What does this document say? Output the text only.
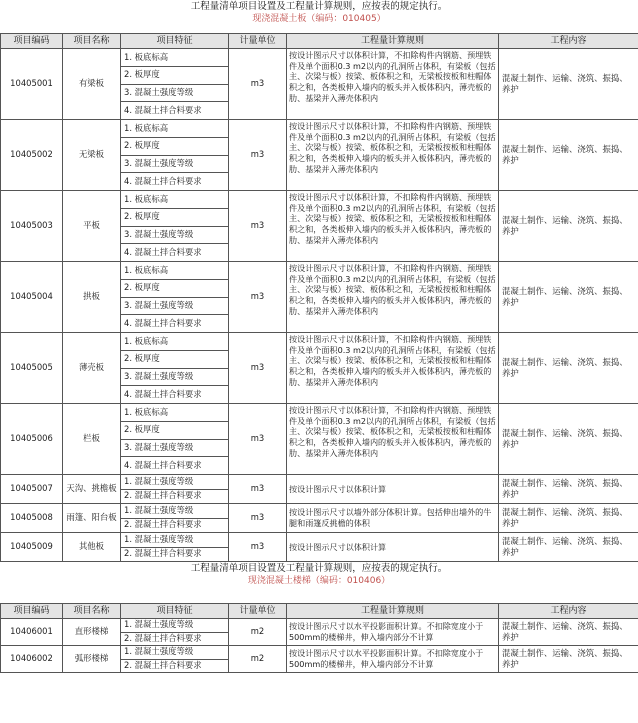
工程量清单项目设置及工程量计算规则，应按表的规定执行。
现浇混凝土板（编码：010405）
项目编码	项目名称	项目特征	计量单位	工程量计算规则	工程内容
10405001	有梁板	1. 板底标高	m3	按设计图示尺寸以体积计算，不扣除构件内钢筋、预埋铁件及单个面积0.3 m2以内的孔洞所占体积，有梁板（包括主、次梁与板）按梁、板体积之和，无梁板按板和柱帽体积之和，各类板伸入墙内的板头并入板体积内，薄壳板的肋、基梁并入薄壳体积内	混凝土制作、运输、浇筑、振捣、养护
		2. 板厚度			
		3. 混凝土强度等级			
		4. 混凝土拌合料要求			
10405002	无梁板	1. 板底标高	m3	按设计图示尺寸以体积计算，不扣除构件内钢筋、预埋铁件及单个面积0.3 m2以内的孔洞所占体积，有梁板（包括主、次梁与板）按梁、板体积之和，无梁板按板和柱帽体积之和，各类板伸入墙内的板头并入板体积内，薄壳板的肋、基梁并入薄壳体积内	混凝土制作、运输、浇筑、振捣、养护
		2. 板厚度			
		3. 混凝土强度等级			
		4. 混凝土拌合料要求			
10405003	平板	1. 板底标高	m3	按设计图示尺寸以体积计算，不扣除构件内钢筋、预埋铁件及单个面积0.3 m2以内的孔洞所占体积，有梁板（包括主、次梁与板）按梁、板体积之和，无梁板按板和柱帽体积之和，各类板伸入墙内的板头并入板体积内，薄壳板的肋、基梁并入薄壳体积内	混凝土制作、运输、浇筑、振捣、养护
		2. 板厚度			
		3. 混凝土强度等级			
		4. 混凝土拌合料要求			
10405004	拱板	1. 板底标高	m3	按设计图示尺寸以体积计算，不扣除构件内钢筋、预埋铁件及单个面积0.3 m2以内的孔洞所占体积，有梁板（包括主、次梁与板）按梁、板体积之和，无梁板按板和柱帽体积之和，各类板伸入墙内的板头并入板体积内，薄壳板的肋、基梁并入薄壳体积内	混凝土制作、运输、浇筑、振捣、养护
		2. 板厚度			
		3. 混凝土强度等级			
		4. 混凝土拌合料要求			
10405005	薄壳板	1. 板底标高	m3	按设计图示尺寸以体积计算，不扣除构件内钢筋、预埋铁件及单个面积0.3 m2以内的孔洞所占体积，有梁板（包括主、次梁与板）按梁、板体积之和，无梁板按板和柱帽体积之和，各类板伸入墙内的板头并入板体积内，薄壳板的肋、基梁并入薄壳体积内	混凝土制作、运输、浇筑、振捣、养护
		2. 板厚度			
		3. 混凝土强度等级			
		4. 混凝土拌合料要求			
10405006	栏板	1. 板底标高	m3	按设计图示尺寸以体积计算，不扣除构件内钢筋、预埋铁件及单个面积0.3 m2以内的孔洞所占体积，有梁板（包括主、次梁与板）按梁、板体积之和，无梁板按板和柱帽体积之和，各类板伸入墙内的板头并入板体积内，薄壳板的肋、基梁并入薄壳体积内	混凝土制作、运输、浇筑、振捣、养护
		2. 板厚度			
		3. 混凝土强度等级			
		4. 混凝土拌合料要求			
10405007	天沟、挑檐板	1. 混凝土强度等级	m3	按设计图示尺寸以体积计算	混凝土制作、运输、浇筑、振捣、养护
		2. 混凝土拌合料要求			
10405008	雨篷、阳台板	1. 混凝土强度等级	m3	按设计图示尺寸以墙外部分体积计算。包括伸出墙外的牛腿和雨篷反挑檐的体积	混凝土制作、运输、浇筑、振捣、养护
		2. 混凝土拌合料要求			
10405009	其他板	1. 混凝土强度等级	m3	按设计图示尺寸以体积计算	混凝土制作、运输、浇筑、振捣、养护
		2. 混凝土拌合料要求			
工程量清单项目设置及工程量计算规则，应按表的规定执行。
现浇混凝土楼梯（编码：010406）
项目编码	项目名称	项目特征	计量单位	工程量计算规则	工程内容
10406001	直形楼梯	1. 混凝土强度等级	m2	按设计图示尺寸以水平投影面积计算。不扣除宽度小于500mm的楼梯井，伸入墙内部分不计算	混凝土制作、运输、浇筑、振捣、养护
		2. 混凝土拌合料要求			
10406002	弧形楼梯	1. 混凝土强度等级	m2	按设计图示尺寸以水平投影面积计算。不扣除宽度小于500mm的楼梯井，伸入墙内部分不计算	混凝土制作、运输、浇筑、振捣、养护
		2. 混凝土拌合料要求			
